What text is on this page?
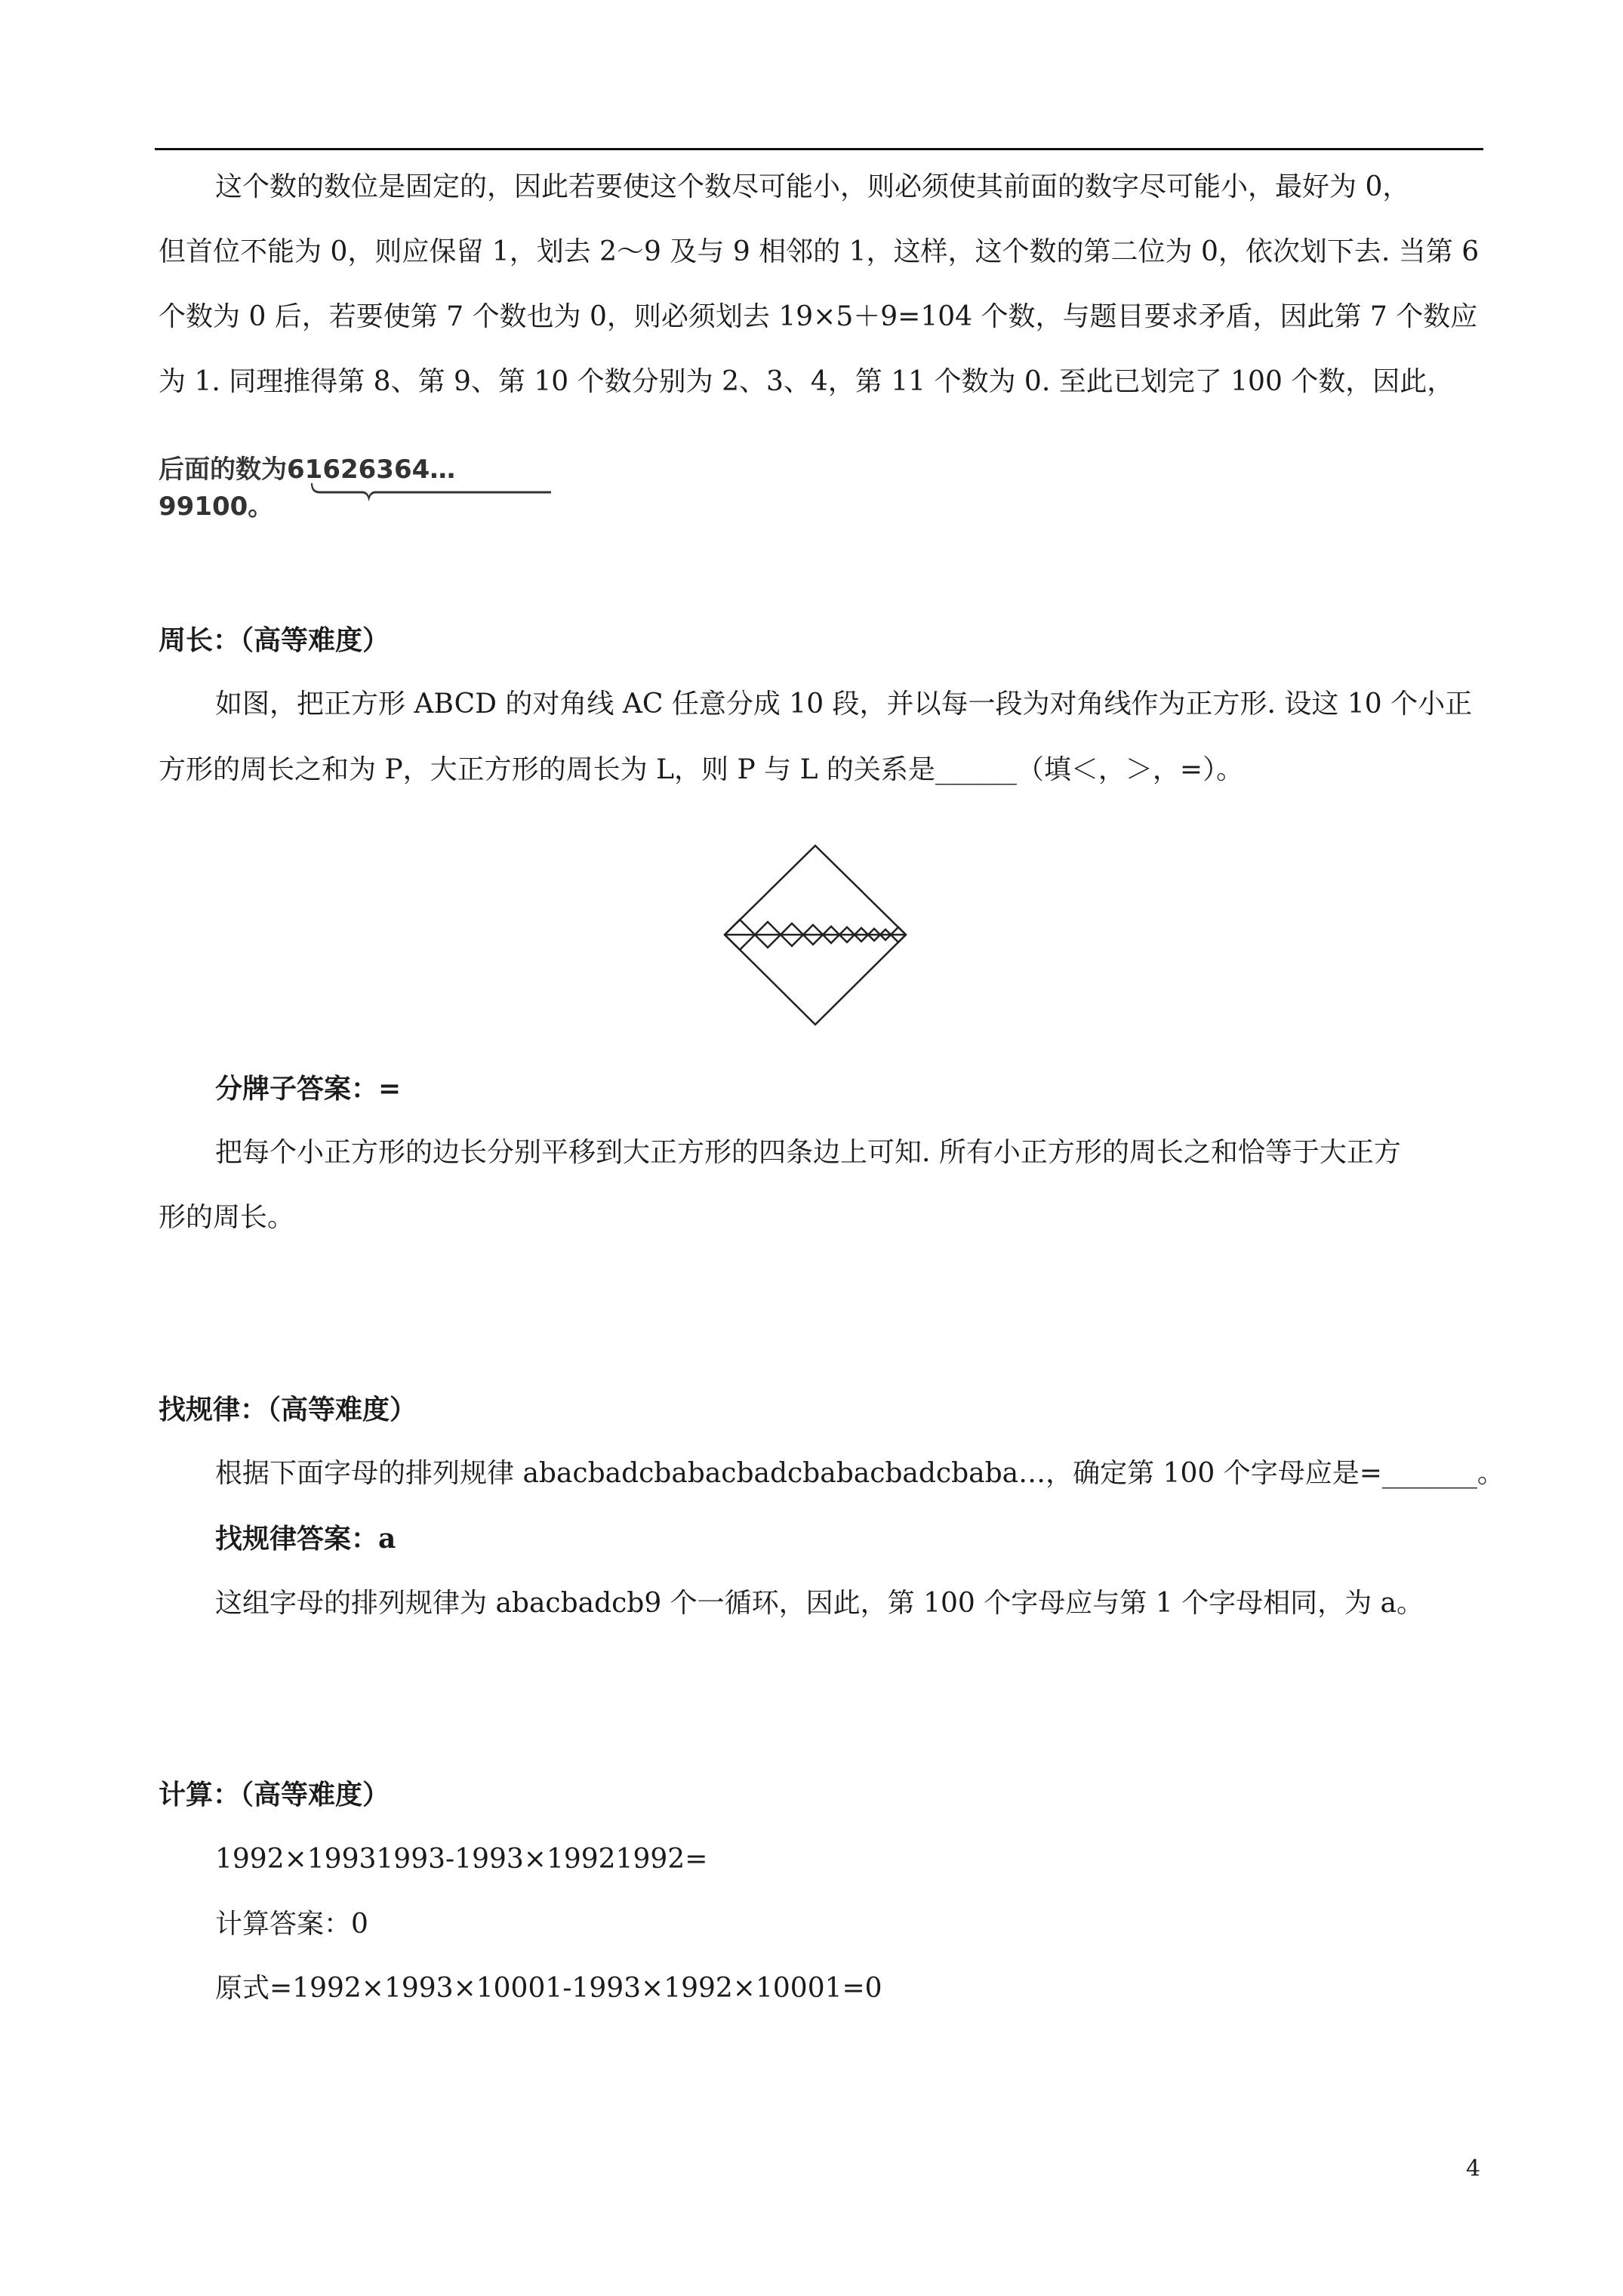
这个数的数位是固定的，因此若要使这个数尽可能小，则必须使其前面的数字尽可能小，最好为 0，
但首位不能为 0，则应保留 1，划去 2～9 及与 9 相邻的 1，这样，这个数的第二位为 0，依次划下去. 当第 6
个数为 0 后，若要使第 7 个数也为 0，则必须划去 19×5＋9=104 个数，与题目要求矛盾，因此第 7 个数应
为 1. 同理推得第 8、第 9、第 10 个数分别为 2、3、4，第 11 个数为 0. 至此已划完了 100 个数，因此，
后面的数为61626364…99100。
周长：（高等难度）
如图，把正方形 ABCD 的对角线 AC 任意分成 10 段，并以每一段为对角线作为正方形. 设这 10 个小正
方形的周长之和为 P，大正方形的周长为 L，则 P 与 L 的关系是______（填＜，＞，=）。
分牌子答案：=
把每个小正方形的边长分别平移到大正方形的四条边上可知. 所有小正方形的周长之和恰等于大正方
形的周长。
找规律：（高等难度）
根据下面字母的排列规律 abacbadcbabacbadcbabacbadcbaba…，确定第 100 个字母应是=_______。
找规律答案：a
这组字母的排列规律为 abacbadcb9 个一循环，因此，第 100 个字母应与第 1 个字母相同，为 a。
计算：（高等难度）
1992×19931993-1993×19921992=
计算答案：0
原式=1992×1993×10001-1993×1992×10001=0
4
